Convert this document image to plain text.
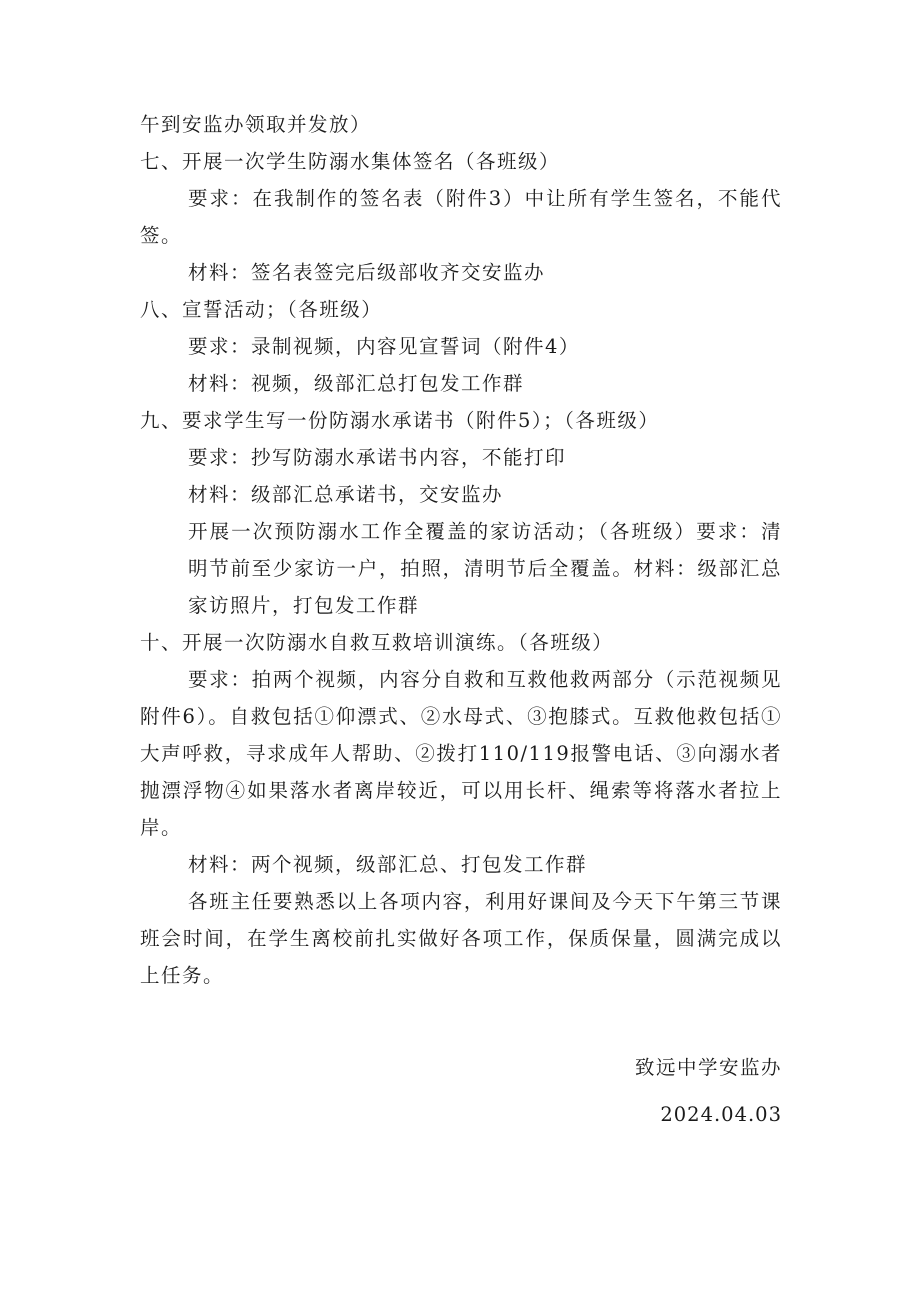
午到安监办领取并发放）

七、开展一次学生防溺水集体签名（各班级）

要求：在我制作的签名表（附件3）中让所有学生签名，不能代签。

材料：签名表签完后级部收齐交安监办

八、宣誓活动；（各班级）

要求：录制视频，内容见宣誓词（附件4）

材料：视频，级部汇总打包发工作群

九、要求学生写一份防溺水承诺书（附件5）；（各班级）

要求：抄写防溺水承诺书内容，不能打印

材料：级部汇总承诺书，交安监办

开展一次预防溺水工作全覆盖的家访活动；（各班级）要求：清明节前至少家访一户，拍照，清明节后全覆盖。材料：级部汇总家访照片，打包发工作群

十、开展一次防溺水自救互救培训演练。（各班级）

要求：拍两个视频，内容分自救和互救他救两部分（示范视频见附件6）。自救包括①仰漂式、②水母式、③抱膝式。互救他救包括①大声呼救，寻求成年人帮助、②拨打110/119报警电话、③向溺水者抛漂浮物④如果落水者离岸较近，可以用长杆、绳索等将落水者拉上岸。

材料：两个视频，级部汇总、打包发工作群

各班主任要熟悉以上各项内容，利用好课间及今天下午第三节课班会时间，在学生离校前扎实做好各项工作，保质保量，圆满完成以上任务。

致远中学安监办
2024.04.03
